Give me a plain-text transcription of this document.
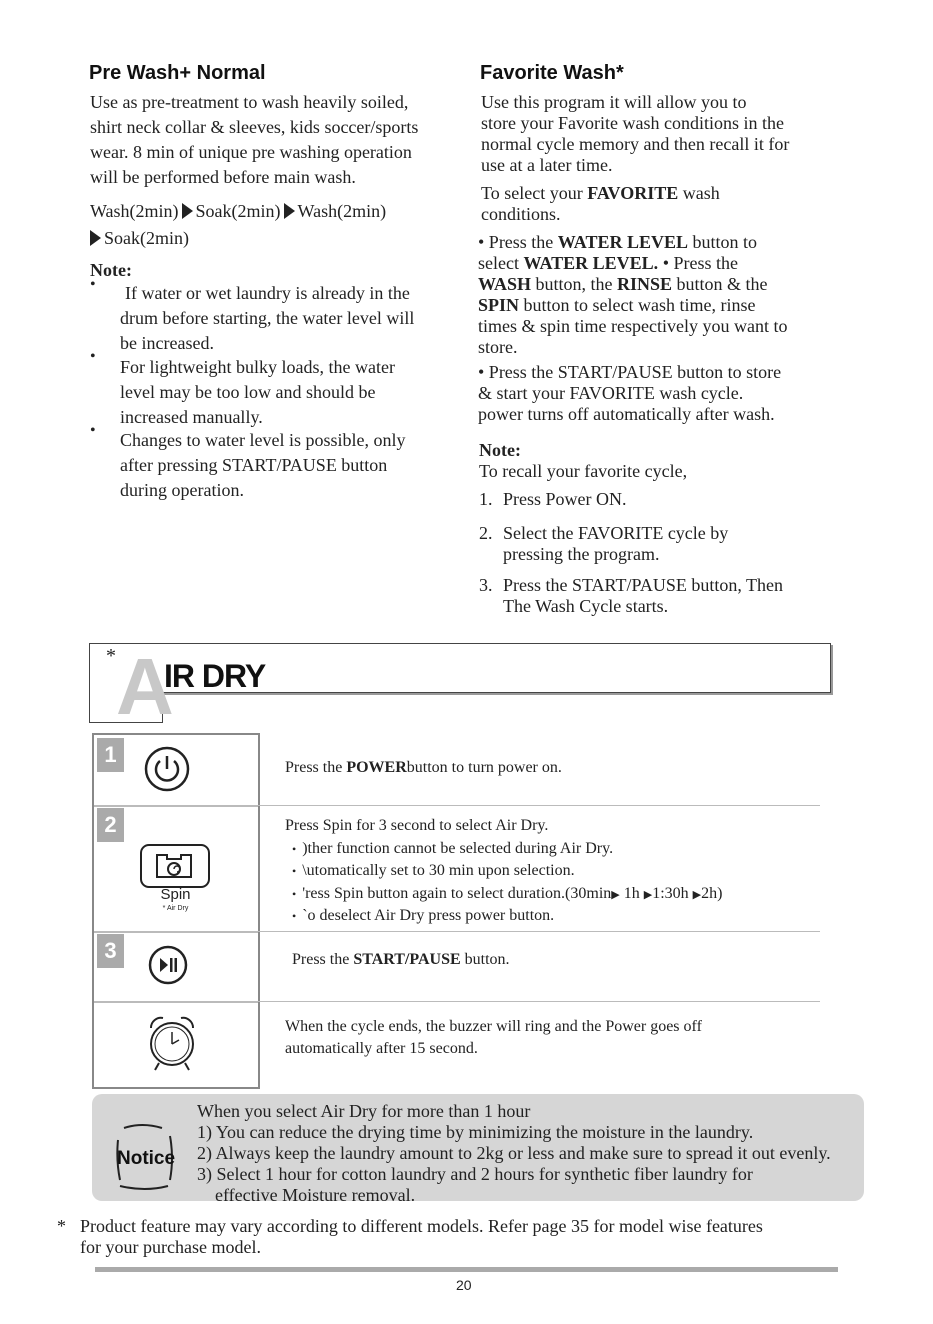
Pre Wash+ Normal
Use as pre-treatment to wash heavily soiled,
shirt neck collar & sleeves, kids soccer/sports
wear. 8 min of unique pre washing operation
will be performed before main wash.
Wash(2min) Soak(2min) Wash(2min)
Soak(2min)
Note:
• If water or wet laundry is already in the
drum before starting, the water level will
be increased.
•
For lightweight bulky loads, the water
level may be too low and should be
increased manually.
• Changes to water level is possible, only
after pressing START/PAUSE button
during operation.
Favorite Wash*
Use this program it will allow you to
store your Favorite wash conditions in the
normal cycle memory and then recall it for
use at a later time.
To select your FAVORITE wash
conditions.
• Press the WATER LEVEL button to
select WATER LEVEL. • Press the
WASH button, the RINSE button & the
SPIN button to select wash time, rinse
times & spin time respectively you want to
store.
• Press the START/PAUSE button to store
& start your FAVORITE wash cycle.
power turns off automatically after wash.
Note:
To recall your favorite cycle,
1. Press Power ON.
2. Select the FAVORITE cycle by
pressing the program.
3. Press the START/PAUSE button, Then
The Wash Cycle starts.
* A
IR DRY
1
2
3
Spin
* Air Dry
Press the POWERbutton to turn power on.
Press Spin for 3 second to select Air Dry.
• )ther function cannot be selected during Air Dry.
• \utomatically set to 30 min upon selection.
• 'ress Spin button again to select duration.(30min▶ 1h ▶1:30h ▶2h)
• `o deselect Air Dry press power button.
Press the START/PAUSE button.
When the cycle ends, the buzzer will ring and the Power goes off
automatically after 15 second.
Notice
When you select Air Dry for more than 1 hour
1) You can reduce the drying time by minimizing the moisture in the laundry.
2) Always keep the laundry amount to 2kg or less and make sure to spread it out evenly.
3) Select 1 hour for cotton laundry and 2 hours for synthetic fiber laundry for
effective Moisture removal.
* Product feature may vary according to different models. Refer page 35 for model wise features
for your purchase model.
20
